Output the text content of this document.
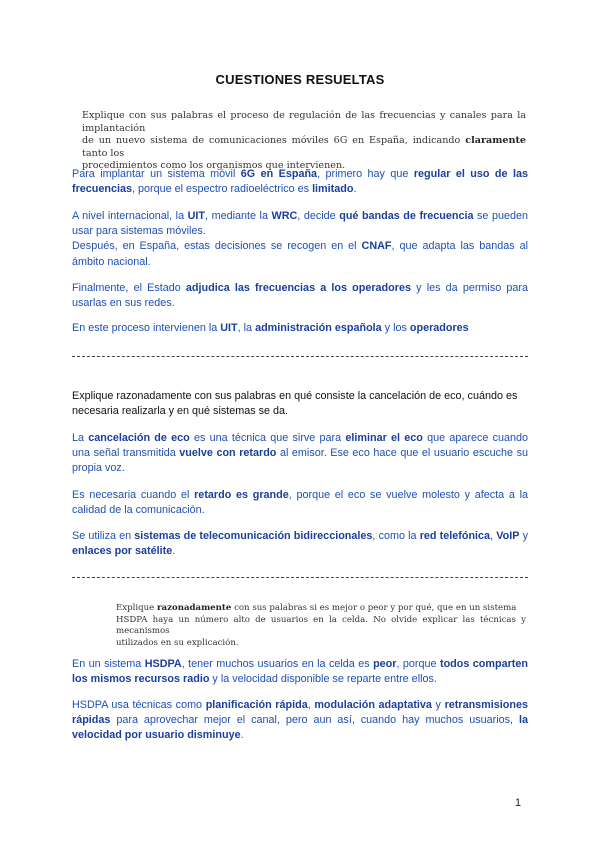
CUESTIONES RESUELTAS
Explique con sus palabras el proceso de regulación de las frecuencias y canales para la implantación
de un nuevo sistema de comunicaciones móviles 6G en España, indicando claramente tanto los
procedimientos como los organismos que intervienen.

Para implantar un sistema móvil 6G en España, primero hay que regular el uso de las frecuencias, porque el espectro radioeléctrico es limitado.

A nivel internacional, la UIT, mediante la WRC, decide qué bandas de frecuencia se pueden usar para sistemas móviles.
Después, en España, estas decisiones se recogen en el CNAF, que adapta las bandas al ámbito nacional.

Finalmente, el Estado adjudica las frecuencias a los operadores y les da permiso para usarlas en sus redes.

En este proceso intervienen la UIT, la administración española y los operadores

Explique razonadamente con sus palabras en qué consiste la cancelación de eco, cuándo es necesaria realizarla y en qué sistemas se da.

La cancelación de eco es una técnica que sirve para eliminar el eco que aparece cuando una señal transmitida vuelve con retardo al emisor. Ese eco hace que el usuario escuche su propia voz.

Es necesaria cuando el retardo es grande, porque el eco se vuelve molesto y afecta a la calidad de la comunicación.

Se utiliza en sistemas de telecomunicación bidireccionales, como la red telefónica, VoIP y enlaces por satélite.

Explique razonadamente con sus palabras si es mejor o peor y por qué, que en un sistema
HSDPA haya un número alto de usuarios en la celda. No olvide explicar las técnicas y mecanismos
utilizados en su explicación.

En un sistema HSDPA, tener muchos usuarios en la celda es peor, porque todos comparten los mismos recursos radio y la velocidad disponible se reparte entre ellos.

HSDPA usa técnicas como planificación rápida, modulación adaptativa y retransmisiones rápidas para aprovechar mejor el canal, pero aun así, cuando hay muchos usuarios, la velocidad por usuario disminuye.

1
